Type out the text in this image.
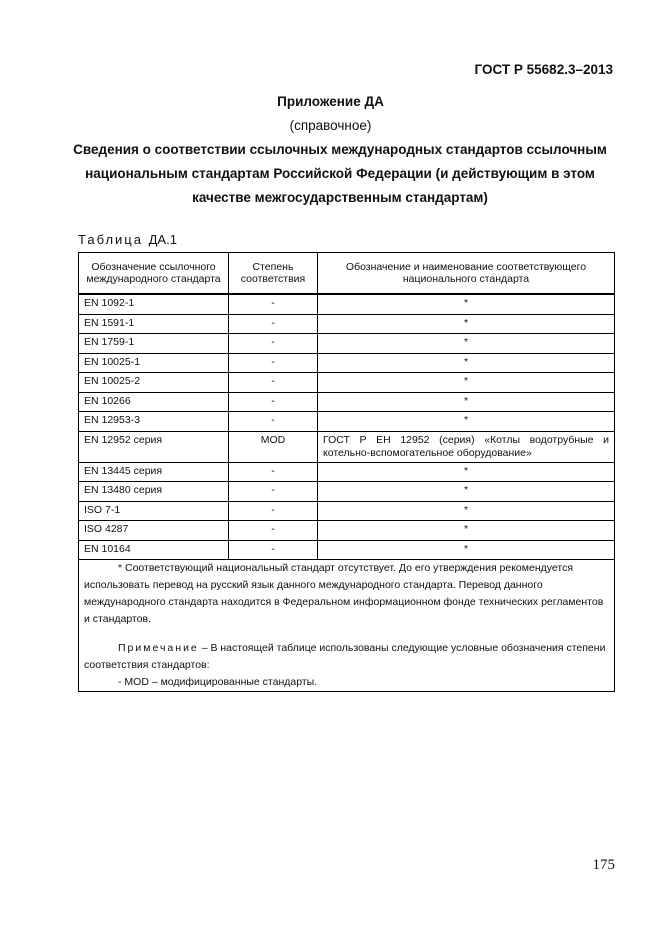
ГОСТ Р 55682.3–2013
Приложение ДА
(справочное)
Сведения о соответствии ссылочных международных стандартов ссылочным национальным стандартам Российской Федерации (и действующим в этом качестве межгосударственным стандартам)
Таблица ДА.1
Обозначение ссылочного международного стандарта	Степень соответствия	Обозначение и наименование соответствующего национального стандарта
EN 1092-1	-	*
EN 1591-1	-	*
EN 1759-1	-	*
EN 10025-1	-	*
EN 10025-2	-	*
EN 10266	-	*
EN 12953-3	-	*
EN 12952 серия	MOD	ГОСТ Р ЕН 12952 (серия) «Котлы водотрубные и котельно-вспомогательное оборудование»
EN 13445 серия	-	*
EN 13480 серия	-	*
ISO 7-1	-	*
ISO 4287	-	*
EN 10164	-	*

* Соответствующий национальный стандарт отсутствует. До его утверждения рекомендуется использовать перевод на русский язык данного международного стандарта. Перевод данного международного стандарта находится в Федеральном информационном фонде технических регламентов и стандартов.

Примечание – В настоящей таблице использованы следующие условные обозначения степени соответствия стандартов:

- MOD – модифицированные стандарты.		

175
